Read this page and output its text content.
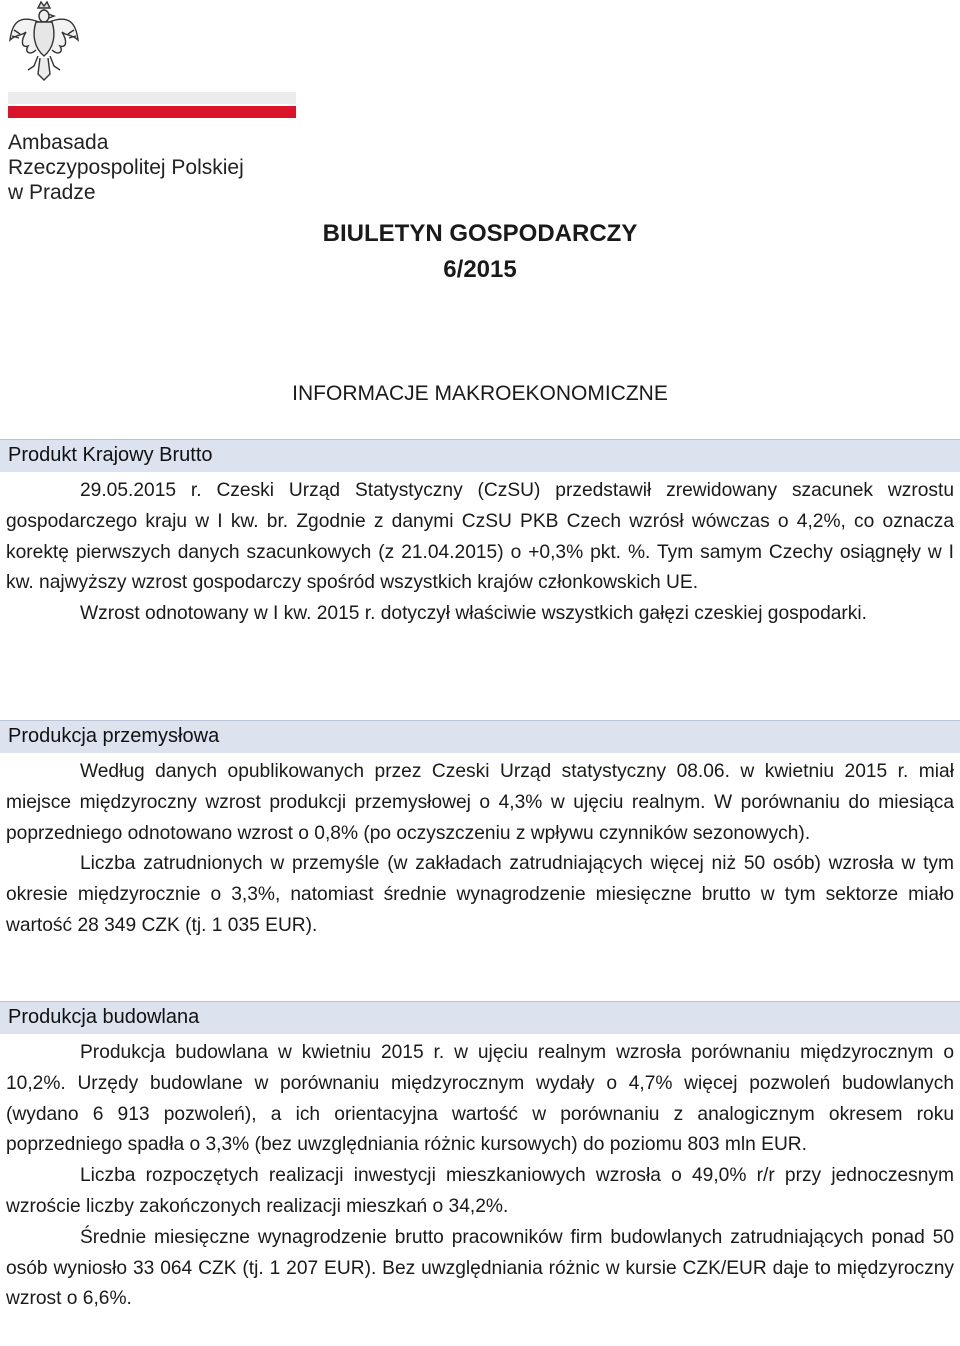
Ambasada
Rzeczypospolitej Polskiej
w Pradze
BIULETYN GOSPODARCZY
6/2015
INFORMACJE MAKROEKONOMICZNE
Produkt Krajowy Brutto

29.05.2015 r. Czeski Urząd Statystyczny (CzSU) przedstawił zrewidowany szacunek wzrostu gospodarczego kraju w I kw. br. Zgodnie z danymi CzSU PKB Czech wzrósł wówczas o 4,2%, co oznacza korektę pierwszych danych szacunkowych (z 21.04.2015) o +0,3% pkt. %. Tym samym Czechy osiągnęły w I kw. najwyższy wzrost gospodarczy spośród wszystkich krajów członkowskich UE.

Wzrost odnotowany w I kw. 2015 r. dotyczył właściwie wszystkich gałęzi czeskiej gospodarki.

Produkcja przemysłowa

Według danych opublikowanych przez Czeski Urząd statystyczny 08.06. w kwietniu 2015 r. miał miejsce międzyroczny wzrost produkcji przemysłowej o 4,3% w ujęciu realnym. W porównaniu do miesiąca poprzedniego odnotowano wzrost o 0,8% (po oczyszczeniu z wpływu czynników sezonowych).

Liczba zatrudnionych w przemyśle (w zakładach zatrudniających więcej niż 50 osób) wzrosła w tym okresie międzyrocznie o 3,3%, natomiast średnie wynagrodzenie miesięczne brutto w tym sektorze miało wartość 28 349 CZK (tj. 1 035 EUR).

Produkcja budowlana

Produkcja budowlana w kwietniu 2015 r. w ujęciu realnym wzrosła porównaniu międzyrocznym o 10,2%. Urzędy budowlane w porównaniu międzyrocznym wydały o 4,7% więcej pozwoleń budowlanych (wydano 6 913 pozwoleń), a ich orientacyjna wartość w porównaniu z analogicznym okresem roku poprzedniego spadła o 3,3% (bez uwzględniania różnic kursowych) do poziomu 803 mln EUR.

Liczba rozpoczętych realizacji inwestycji mieszkaniowych wzrosła o 49,0% r/r przy jednoczesnym wzroście liczby zakończonych realizacji mieszkań o 34,2%.

Średnie miesięczne wynagrodzenie brutto pracowników firm budowlanych zatrudniających ponad 50 osób wyniosło 33 064 CZK (tj. 1 207 EUR). Bez uwzględniania różnic w kursie CZK/EUR daje to międzyroczny wzrost o 6,6%.
